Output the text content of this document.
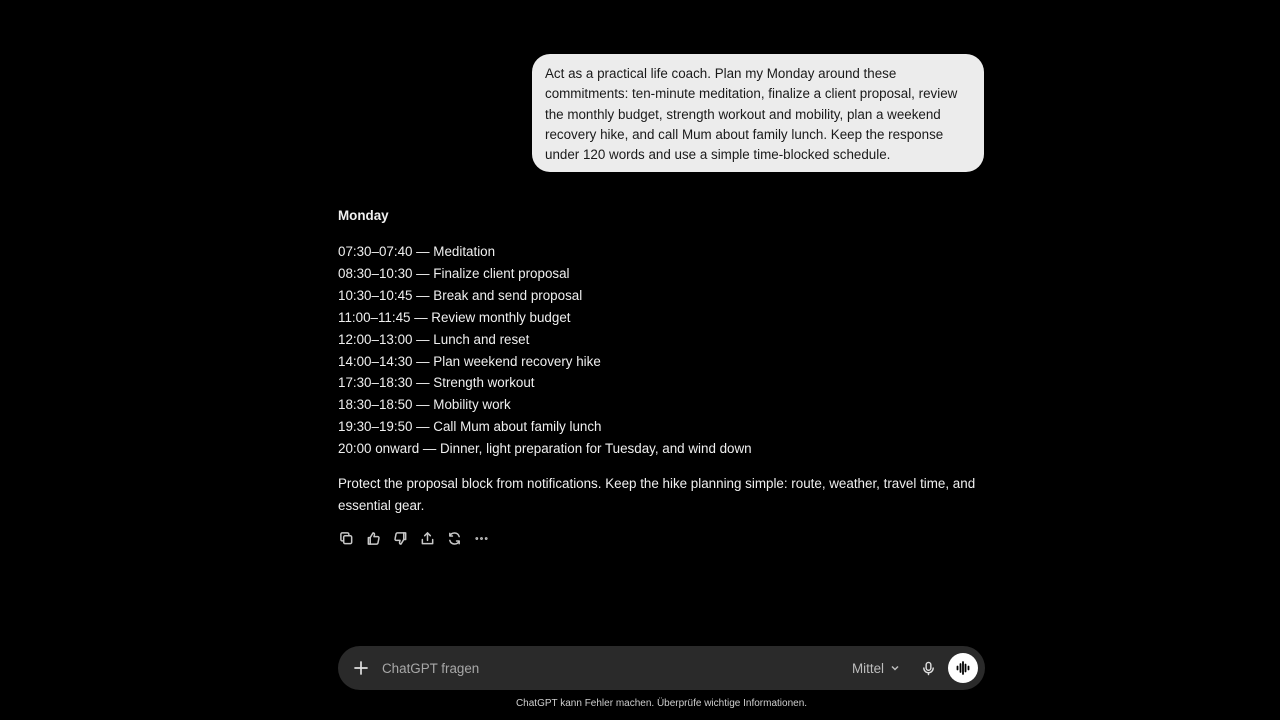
Act as a practical life coach. Plan my Monday around these commitments: ten-minute meditation, finalize a client proposal, review the monthly budget, strength workout and mobility, plan a weekend recovery hike, and call Mum about family lunch. Keep the response under 120 words and use a simple time-blocked schedule.
Monday
07:30–07:40 — Meditation
08:30–10:30 — Finalize client proposal
10:30–10:45 — Break and send proposal
11:00–11:45 — Review monthly budget
12:00–13:00 — Lunch and reset
14:00–14:30 — Plan weekend recovery hike
17:30–18:30 — Strength workout
18:30–18:50 — Mobility work
19:30–19:50 — Call Mum about family lunch
20:00 onward — Dinner, light preparation for Tuesday, and wind down

Protect the proposal block from notifications. Keep the hike planning simple: route, weather, travel time, and essential gear.

ChatGPT fragen
Mittel
ChatGPT kann Fehler machen. Überprüfe wichtige Informationen.
